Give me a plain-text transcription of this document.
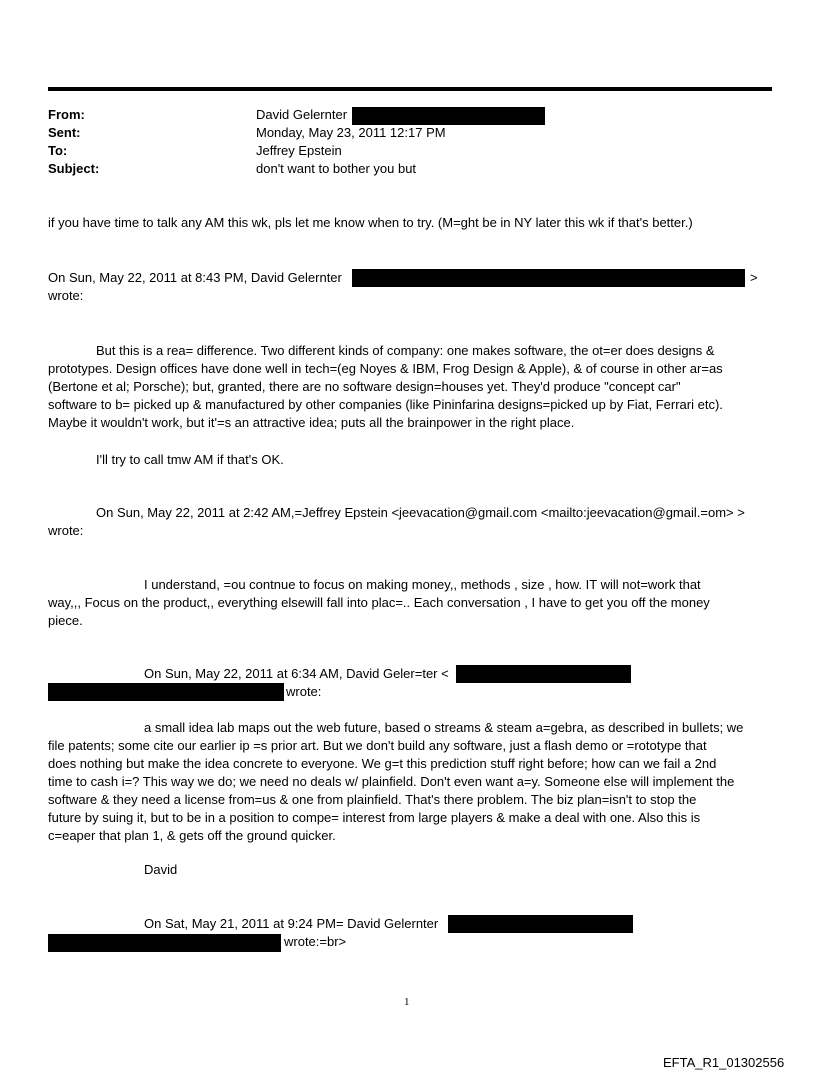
From:	David Gelernter
Sent:	Monday, May 23, 2011 12:17 PM
To:	Jeffrey Epstein
Subject:	don't want to bother you but
if you have time to talk any AM this wk, pls let me know when to try. (M=ght be in NY later this wk if that's better.)
On Sun, May 22, 2011 at 8:43 PM, David Gelernter	>
wrote:
But this is a rea= difference. Two different kinds of company: one makes software, the ot=er does designs &
prototypes. Design offices have done well in tech=(eg Noyes & IBM, Frog Design & Apple), & of course in other ar=as
(Bertone et al; Porsche); but, granted, there are no software design=houses yet. They'd produce "concept car"
software to b= picked up & manufactured by other companies (like Pininfarina designs=picked up by Fiat, Ferrari etc).
Maybe it wouldn't work, but it'=s an attractive idea; puts all the brainpower in the right place.
I'll try to call tmw AM if that's OK.
On Sun, May 22, 2011 at 2:42 AM,=Jeffrey Epstein <jeevacation@gmail.com <mailto:jeevacation@gmail.=om> >
wrote:
I understand, =ou contnue to focus on making money,, methods , size , how. IT will not=work that
way,,, Focus on the product,, everything elsewill fall into plac=.. Each conversation , I have to get you off the money
piece.
On Sun, May 22, 2011 at 6:34 AM, David Geler=ter <
wrote:
a small idea lab maps out the web future, based o streams & steam a=gebra, as described in bullets; we
file patents; some cite our earlier ip =s prior art. But we don't build any software, just a flash demo or =rototype that
does nothing but make the idea concrete to everyone. We g=t this prediction stuff right before; how can we fail a 2nd
time to cash i=? This way we do; we need no deals w/ plainfield. Don't even want a=y. Someone else will implement the
software & they need a license from=us & one from plainfield. That's there problem. The biz plan=isn't to stop the
future by suing it, but to be in a position to compe= interest from large players & make a deal with one. Also this is
c=eaper that plan 1, & gets off the ground quicker.
David
On Sat, May 21, 2011 at 9:24 PM= David Gelernter
wrote:=br>
1
EFTA_R1_01302556
